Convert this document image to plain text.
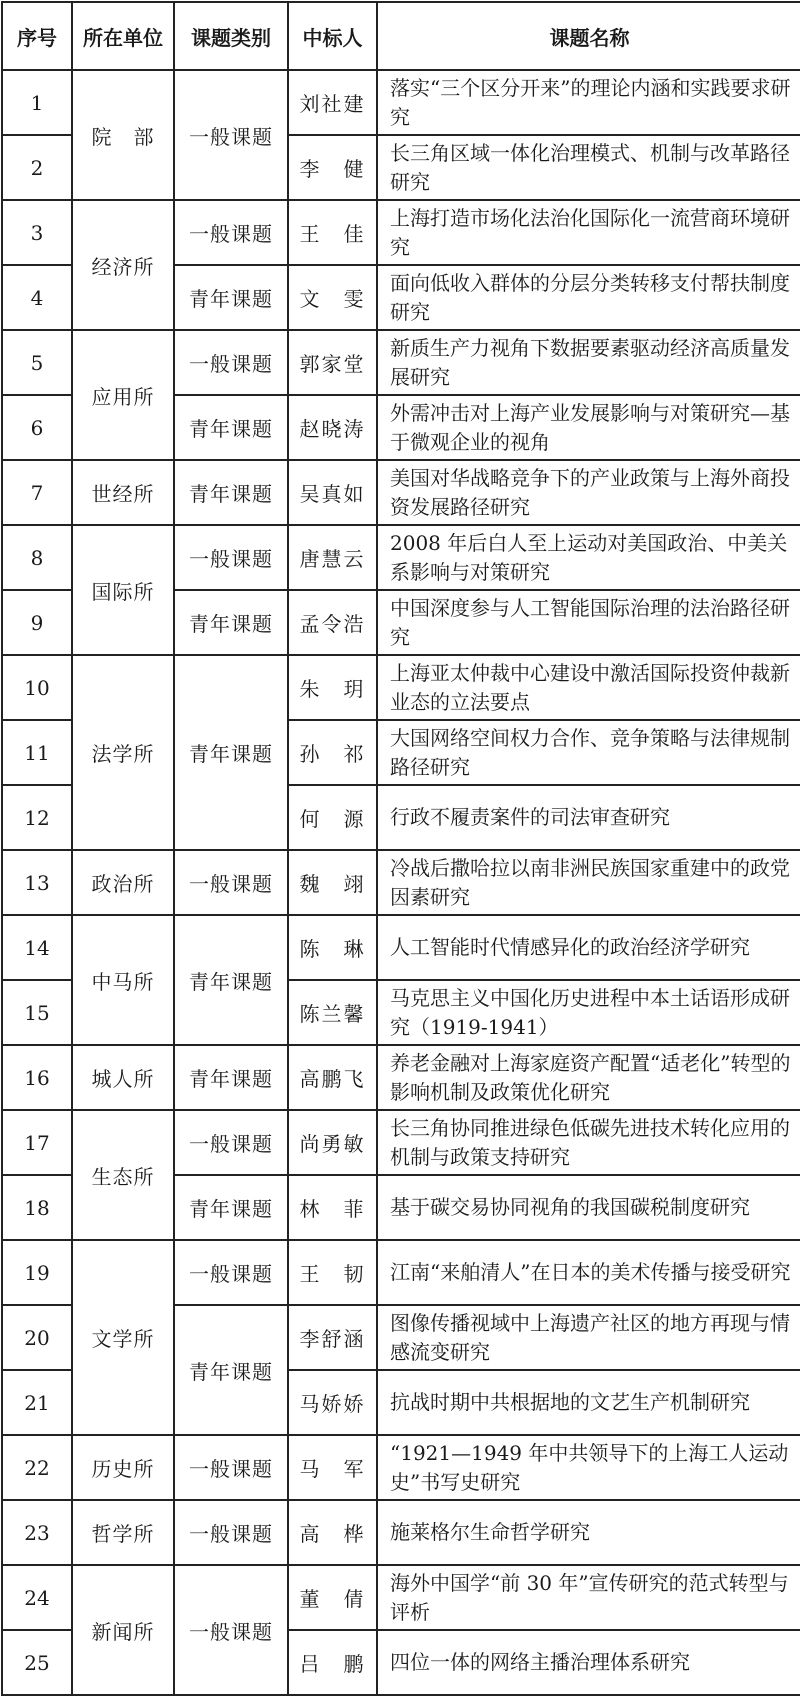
序号	所在单位	课题类别	中标人	课题名称
1	院　部	一般课题	刘社建	落实“三个区分开来”的理论内涵和实践要求研究
2			李　健	长三角区域一体化治理模式、机制与改革路径研究
3	经济所	一般课题	王　佳	上海打造市场化法治化国际化一流营商环境研究
4		青年课题	文　雯	面向低收入群体的分层分类转移支付帮扶制度研究
5	应用所	一般课题	郭家堂	新质生产力视角下数据要素驱动经济高质量发展研究
6		青年课题	赵晓涛	外需冲击对上海产业发展影响与对策研究—基于微观企业的视角
7	世经所	青年课题	吴真如	美国对华战略竞争下的产业政策与上海外商投资发展路径研究
8	国际所	一般课题	唐慧云	2008 年后白人至上运动对美国政治、中美关系影响与对策研究
9		青年课题	孟令浩	中国深度参与人工智能国际治理的法治路径研究
10	法学所	青年课题	朱　玥	上海亚太仲裁中心建设中激活国际投资仲裁新业态的立法要点
11			孙　祁	大国网络空间权力合作、竞争策略与法律规制路径研究
12			何　源	行政不履责案件的司法审查研究
13	政治所	一般课题	魏　翊	冷战后撒哈拉以南非洲民族国家重建中的政党因素研究
14	中马所	青年课题	陈　琳	人工智能时代情感异化的政治经济学研究
15			陈兰馨	马克思主义中国化历史进程中本土话语形成研究（1919-1941）
16	城人所	青年课题	高鹏飞	养老金融对上海家庭资产配置“适老化”转型的影响机制及政策优化研究
17	生态所	一般课题	尚勇敏	长三角协同推进绿色低碳先进技术转化应用的机制与政策支持研究
18		青年课题	林　菲	基于碳交易协同视角的我国碳税制度研究
19	文学所	一般课题	王　韧	江南“来舶清人”在日本的美术传播与接受研究
20		青年课题	李舒涵	图像传播视域中上海遗产社区的地方再现与情感流变研究
21			马娇娇	抗战时期中共根据地的文艺生产机制研究
22	历史所	一般课题	马　军	“1921—1949 年中共领导下的上海工人运动史”书写史研究
23	哲学所	一般课题	高　桦	施莱格尔生命哲学研究
24	新闻所	一般课题	董　倩	海外中国学“前 30 年”宣传研究的范式转型与评析
25			吕　鹏	四位一体的网络主播治理体系研究
